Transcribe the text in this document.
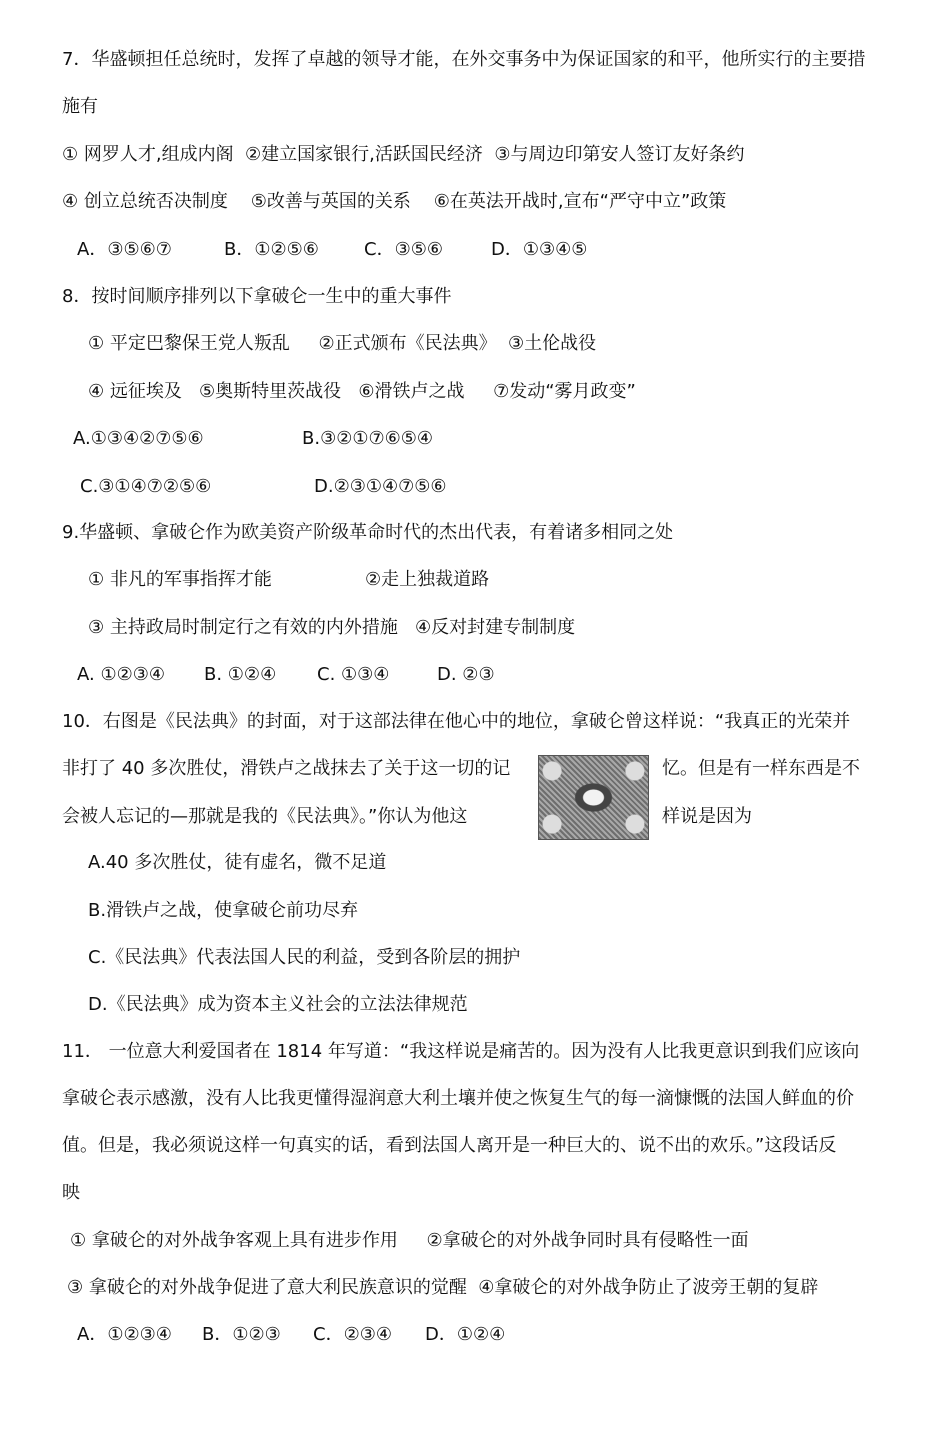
7．华盛顿担任总统时，发挥了卓越的领导才能，在外交事务中为保证国家的和平，他所实行的主要措
施有
① 网罗人才,组成内阁  ②建立国家银行,活跃国民经济  ③与周边印第安人签订友好条约
④ 创立总统否决制度    ⑤改善与英国的关系    ⑥在英法开战时,宣布“严守中立”政策
A．③⑤⑥⑦	B．①②⑤⑥	C．③⑤⑥	D．①③④⑤
8．按时间顺序排列以下拿破仑一生中的重大事件
① 平定巴黎保王党人叛乱     ②正式颁布《民法典》  ③土伦战役
④ 远征埃及   ⑤奥斯特里茨战役   ⑥滑铁卢之战     ⑦发动“雾月政变”
A.①③④②⑦⑤⑥	B.③②①⑦⑥⑤④
C.③①④⑦②⑤⑥	D.②③①④⑦⑤⑥
9.华盛顿、拿破仑作为欧美资产阶级革命时代的杰出代表，有着诸多相同之处
① 非凡的军事指挥才能	②走上独裁道路
③ 主持政局时制定行之有效的内外措施   ④反对封建专制制度
A. ①②③④ B. ①②④ C. ①③④	D. ②③
10．右图是《民法典》的封面，对于这部法律在他心中的地位，拿破仑曾这样说：“我真正的光荣并
非打了 40 多次胜仗，滑铁卢之战抹去了关于这一切的记	忆。但是有一样东西是不
会被人忘记的—那就是我的《民法典》。”你认为他这	样说是因为
A.40 多次胜仗，徒有虚名，微不足道
B.滑铁卢之战，使拿破仑前功尽弃
C.《民法典》代表法国人民的利益，受到各阶层的拥护
D.《民法典》成为资本主义社会的立法法律规范
11． 一位意大利爱国者在 1814 年写道：“我这样说是痛苦的。因为没有人比我更意识到我们应该向
拿破仑表示感激，没有人比我更懂得湿润意大利土壤并使之恢复生气的每一滴慷慨的法国人鲜血的价
值。但是，我必须说这样一句真实的话，看到法国人离开是一种巨大的、说不出的欢乐。”这段话反
映
① 拿破仑的对外战争客观上具有进步作用     ②拿破仑的对外战争同时具有侵略性一面
③ 拿破仑的对外战争促进了意大利民族意识的觉醒  ④拿破仑的对外战争防止了波旁王朝的复辟
A．①②③④ B．①②③ C．②③④ D．①②④
